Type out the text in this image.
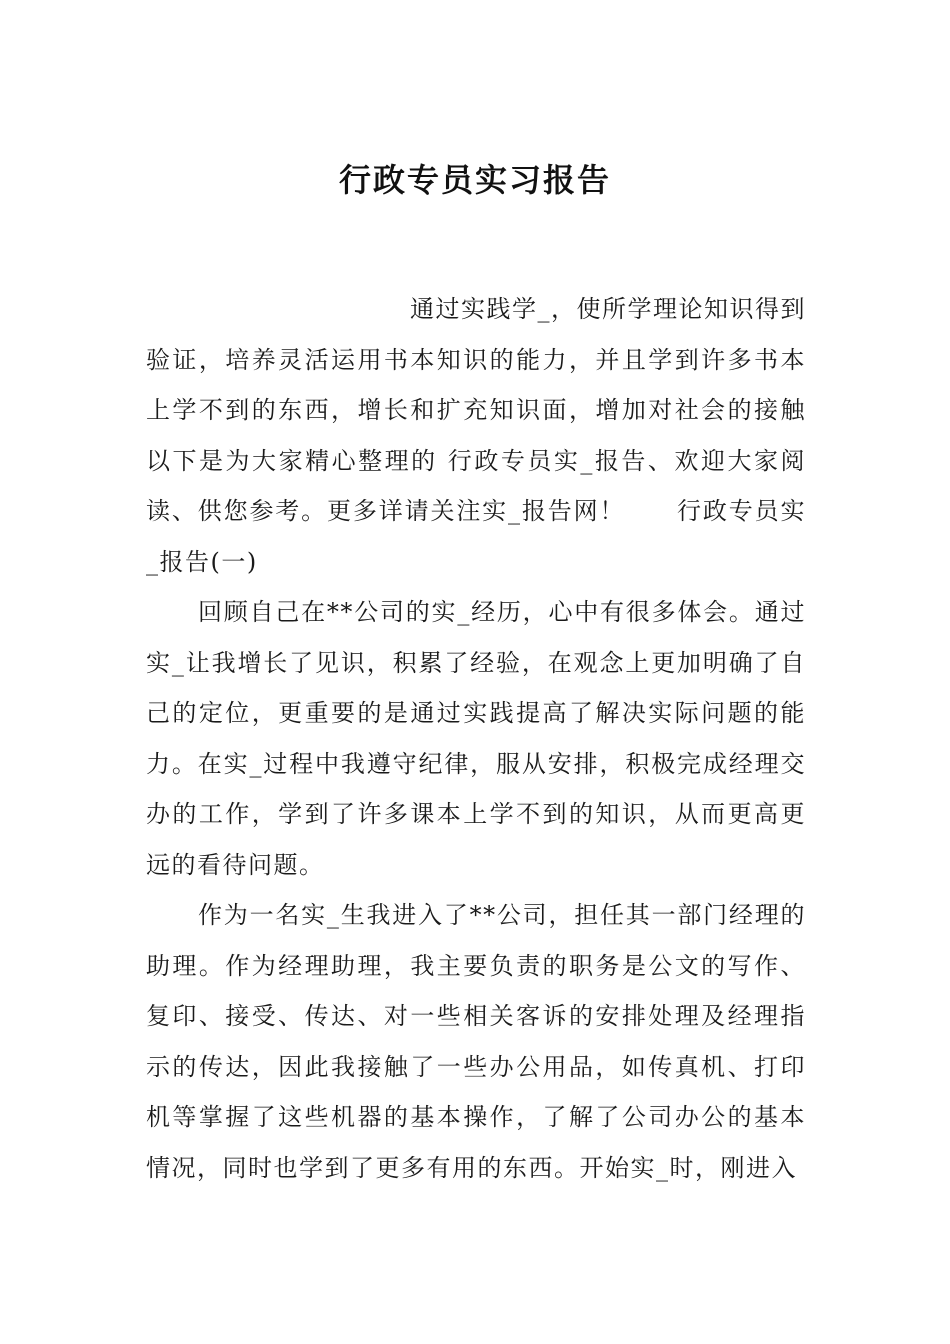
行政专员实习报告

通过实践学_，使所学理论知识得到验证，培养灵活运用书本知识的能力，并且学到许多书本上学不到的东西，增长和扩充知识面，增加对社会的接触以下是为大家精心整理的 行政专员实_报告、欢迎大家阅读、供您参考。更多详请关注实_报告网！　　行政专员实_报告(一)

回顾自己在**公司的实_经历，心中有很多体会。通过实_让我增长了见识，积累了经验，在观念上更加明确了自己的定位，更重要的是通过实践提高了解决实际问题的能力。在实_过程中我遵守纪律，服从安排，积极完成经理交办的工作，学到了许多课本上学不到的知识，从而更高更远的看待问题。

作为一名实_生我进入了**公司，担任其一部门经理的助理。作为经理助理，我主要负责的职务是公文的写作、复印、接受、传达、对一些相关客诉的安排处理及经理指示的传达，因此我接触了一些办公用品，如传真机、打印机等掌握了这些机器的基本操作，了解了公司办公的基本情况，同时也学到了更多有用的东西。开始实_时，刚进入
